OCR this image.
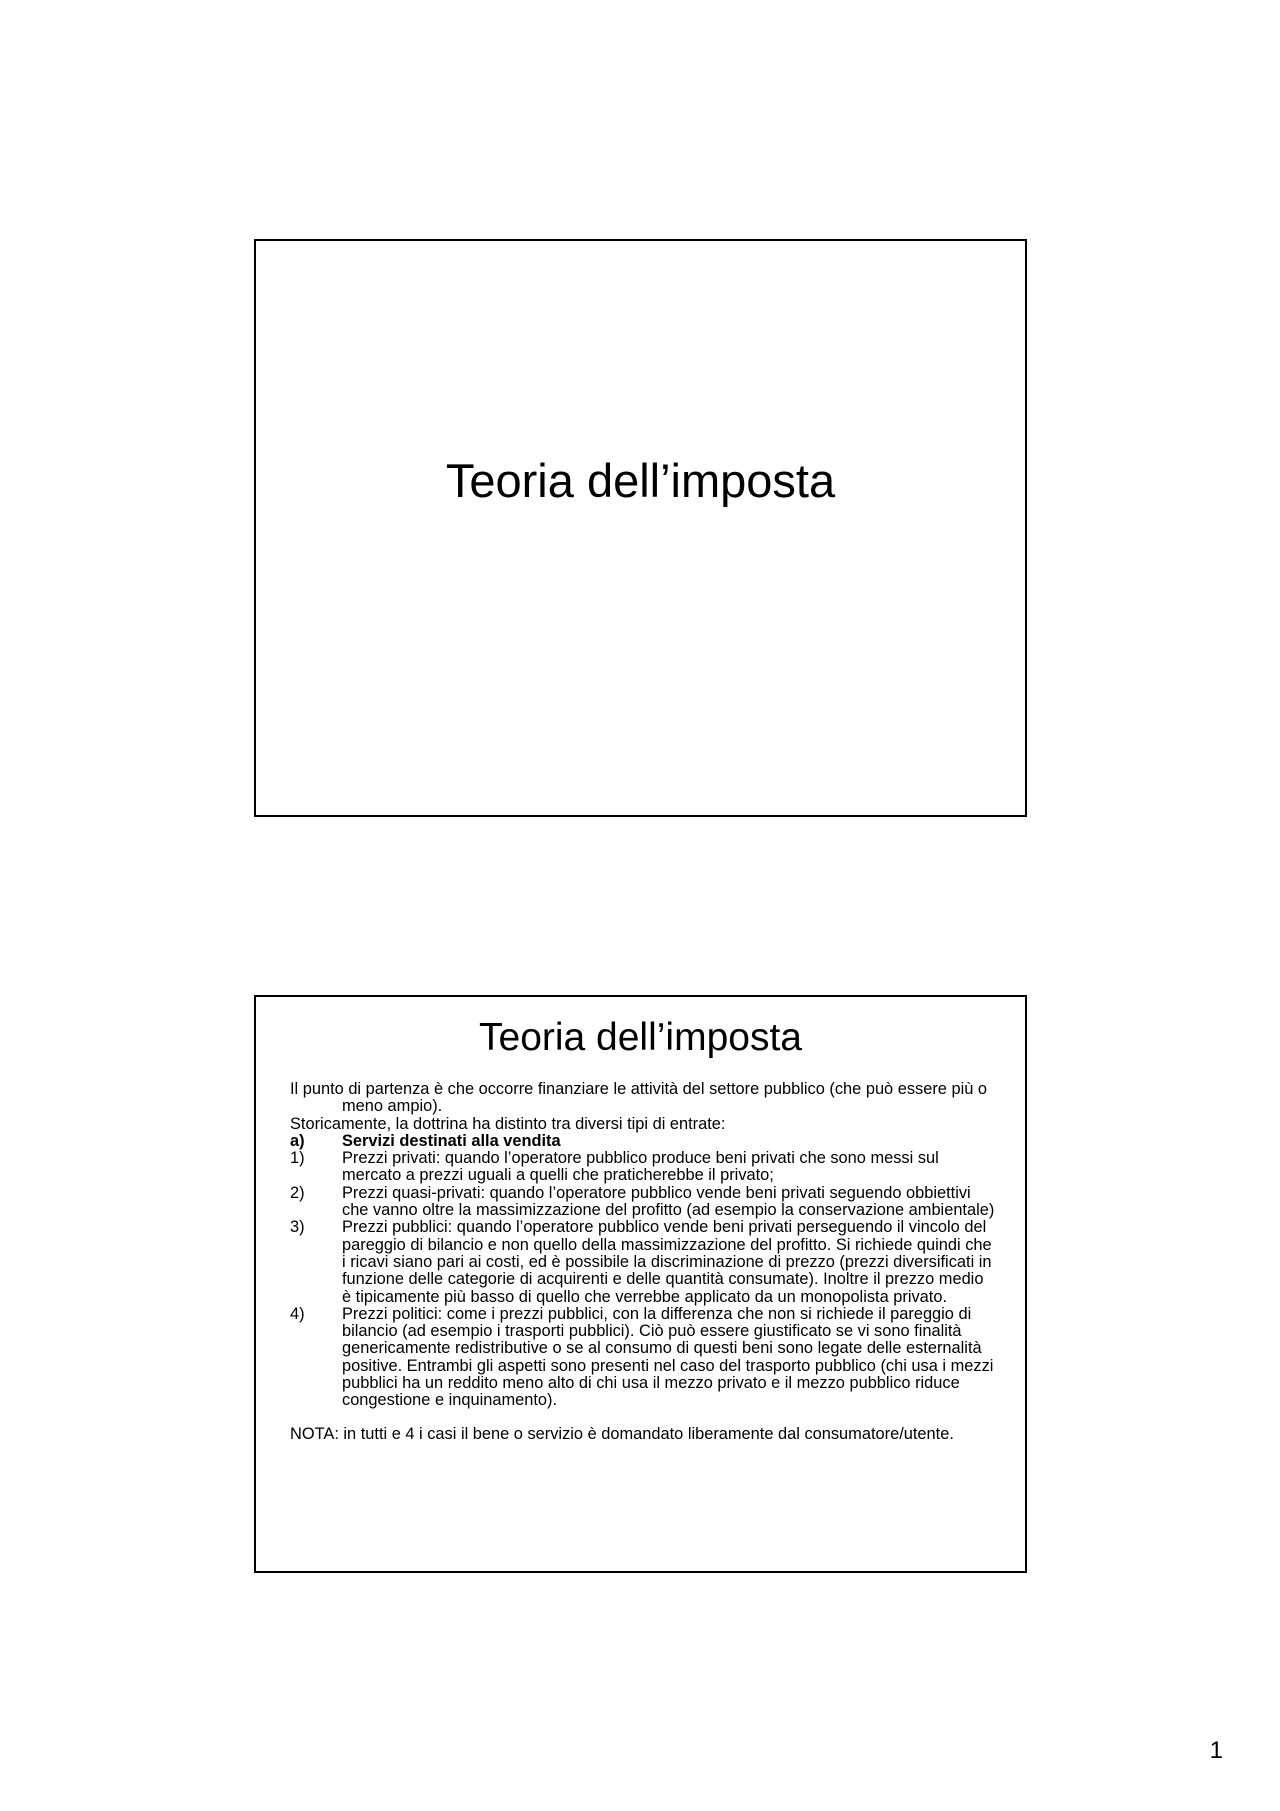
Teoria dell’imposta
Teoria dell’imposta

Il punto di partenza è che occorre finanziare le attività del settore pubblico (che può essere più o meno ampio).

Storicamente, la dottrina ha distinto tra diversi tipi di entrate:

a)	Servizi destinati alla vendita
1)	Prezzi privati: quando l’operatore pubblico produce beni privati che sono messi sul mercato a prezzi uguali a quelli che praticherebbe il privato;
2)	Prezzi quasi-privati: quando l’operatore pubblico vende beni privati seguendo obbiettivi che vanno oltre la massimizzazione del profitto (ad esempio la conservazione ambientale)
3)	Prezzi pubblici: quando l’operatore pubblico vende beni privati perseguendo il vincolo del pareggio di bilancio e non quello della massimizzazione del profitto. Si richiede quindi che i ricavi siano pari ai costi, ed è possibile la discriminazione di prezzo (prezzi diversificati in funzione delle categorie di acquirenti e delle quantità consumate). Inoltre il prezzo medio è tipicamente più basso di quello che verrebbe applicato da un monopolista privato.
4)	Prezzi politici: come i prezzi pubblici, con la differenza che non si richiede il pareggio di bilancio (ad esempio i trasporti pubblici). Ciò può essere giustificato se vi sono finalità genericamente redistributive o se al consumo di questi beni sono legate delle esternalità positive. Entrambi gli aspetti sono presenti nel caso del trasporto pubblico (chi usa i mezzi pubblici ha un reddito meno alto di chi usa il mezzo privato e il mezzo pubblico riduce congestione e inquinamento).

NOTA: in tutti e 4 i casi il bene o servizio è domandato liberamente dal consumatore/utente.

1
